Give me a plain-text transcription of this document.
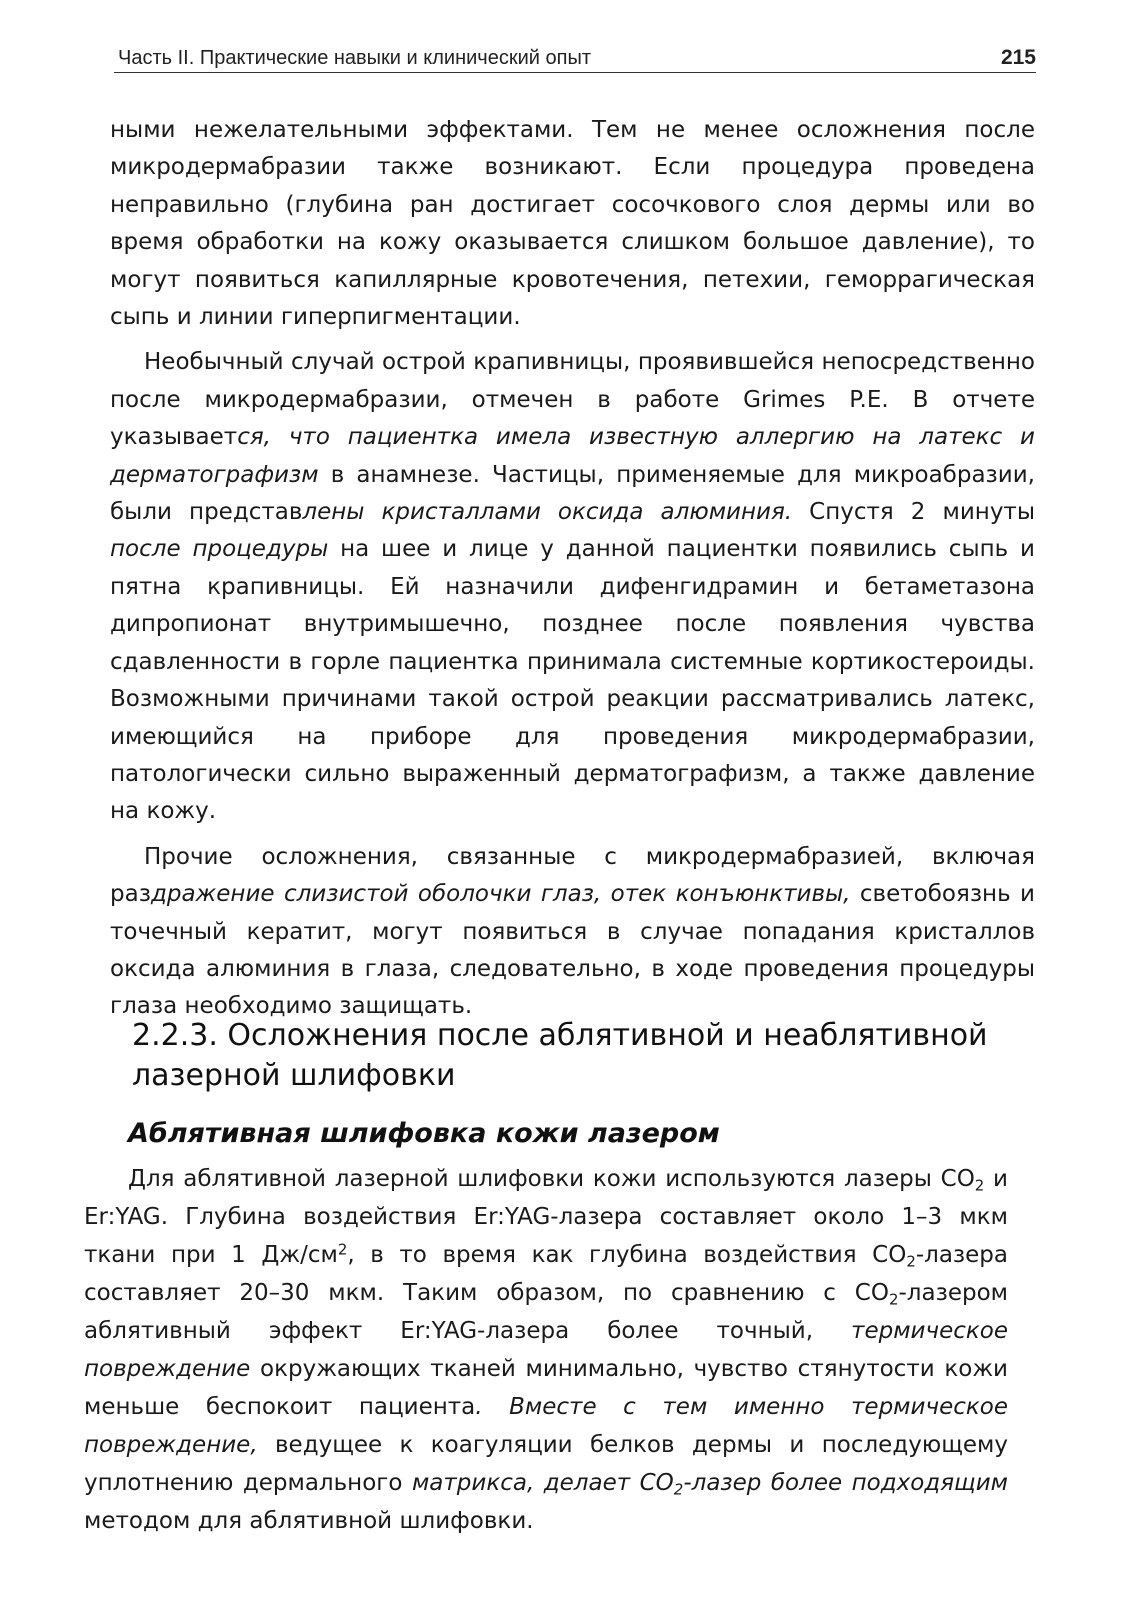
Часть II. Практические навыки и клинический опыт	215

ными нежелательными эффектами. Тем не менее осложнения после микродермабразии также возникают. Если процедура проведена неправильно (глубина ран достигает сосочкового слоя дермы или во время обработки на кожу оказывается слишком большое давление), то могут появиться капиллярные кровотечения, петехии, геморрагическая сыпь и линии гиперпигментации.

Необычный случай острой крапивницы, проявившейся непосредственно после микродермабразии, отмечен в работе Grimes P.E. В отчете указывается, что пациентка имела известную аллергию на латекс и дерматографизм в анамнезе. Частицы, применяемые для микроабразии, были представлены кристаллами оксида алюминия. Спустя 2 минуты после процедуры на шее и лице у данной пациентки появились сыпь и пятна крапивницы. Ей назначили дифенгидрамин и бетаметазона дипропионат внутримышечно, позднее после появления чувства сдавленности в горле пациентка принимала системные кортикостероиды. Возможными причинами такой острой реакции рассматривались латекс, имеющийся на приборе для проведения микродермабразии, патологически сильно выраженный дерматографизм, а также давление на кожу.

Прочие осложнения, связанные с микродермабразией, включая раздражение слизистой оболочки глаз, отек конъюнктивы, светобоязнь и точечный кератит, могут появиться в случае попадания кристаллов оксида алюминия в глаза, следовательно, в ходе проведения процедуры глаза необходимо защищать.

2.2.3. Осложнения после аблятивной и неаблятивной
лазерной шлифовки
Аблятивная шлифовка кожи лазером

Для аблятивной лазерной шлифовки кожи используются лазеры $CO_2$ и Er:YAG. Глубина воздействия Er:YAG-лазера составляет около 1–3 мкм ткани при 1 $Дж/см^2$, в то время как глубина воздействия $CO_2$-лазера составляет 20–30 мкм. Таким образом, по сравнению с $CO_2$-лазером аблятивный эффект Er:YAG-лазера более точный, термическое повреждение окружающих тканей минимально, чувство стянутости кожи меньше беспокоит пациента. Вместе с тем именно термическое повреждение, ведущее к коагуляции белков дермы и последующему уплотнению дермального матрикса, делает $CO_2$-лазер более подходящим методом для аблятивной шлифовки.
